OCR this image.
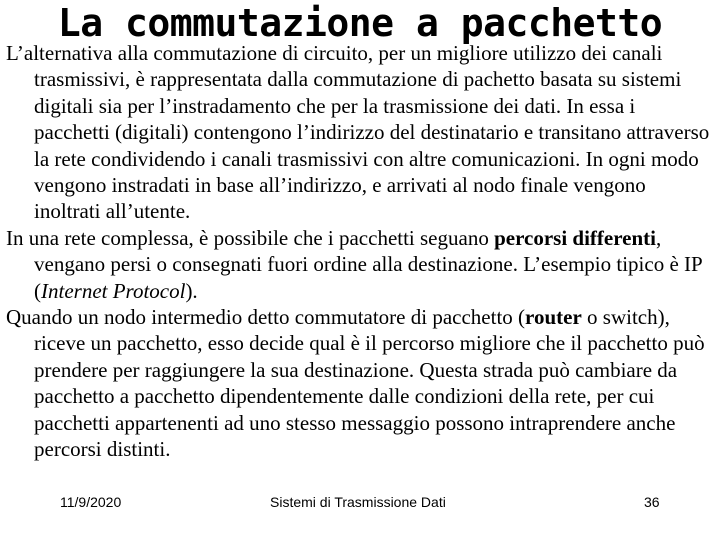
La commutazione a pacchetto

L’alternativa alla commutazione di circuito, per un migliore utilizzo dei canali trasmissivi, è rappresentata dalla commutazione di pachetto basata su sistemi digitali sia per l’instradamento che per la trasmissione dei dati. In essa i pacchetti (digitali) contengono l’indirizzo del destinatario e transitano attraverso la rete condividendo i canali trasmissivi con altre comunicazioni. In ogni modo vengono instradati in base all’indirizzo, e arrivati al nodo finale vengono inoltrati all’utente.

In una rete complessa, è possibile che i pacchetti seguano percorsi differenti, vengano persi o consegnati fuori ordine alla destinazione. L’esempio tipico è IP (Internet Protocol).

Quando un nodo intermedio detto commutatore di pacchetto (router o switch), riceve un pacchetto, esso decide qual è il percorso migliore che il pacchetto può prendere per raggiungere la sua destinazione. Questa strada può cambiare da pacchetto a pacchetto dipendentemente dalle condizioni della rete, per cui pacchetti appartenenti ad uno stesso messaggio possono intraprendere anche percorsi distinti.

11/9/2020	Sistemi di Trasmissione Dati	36
